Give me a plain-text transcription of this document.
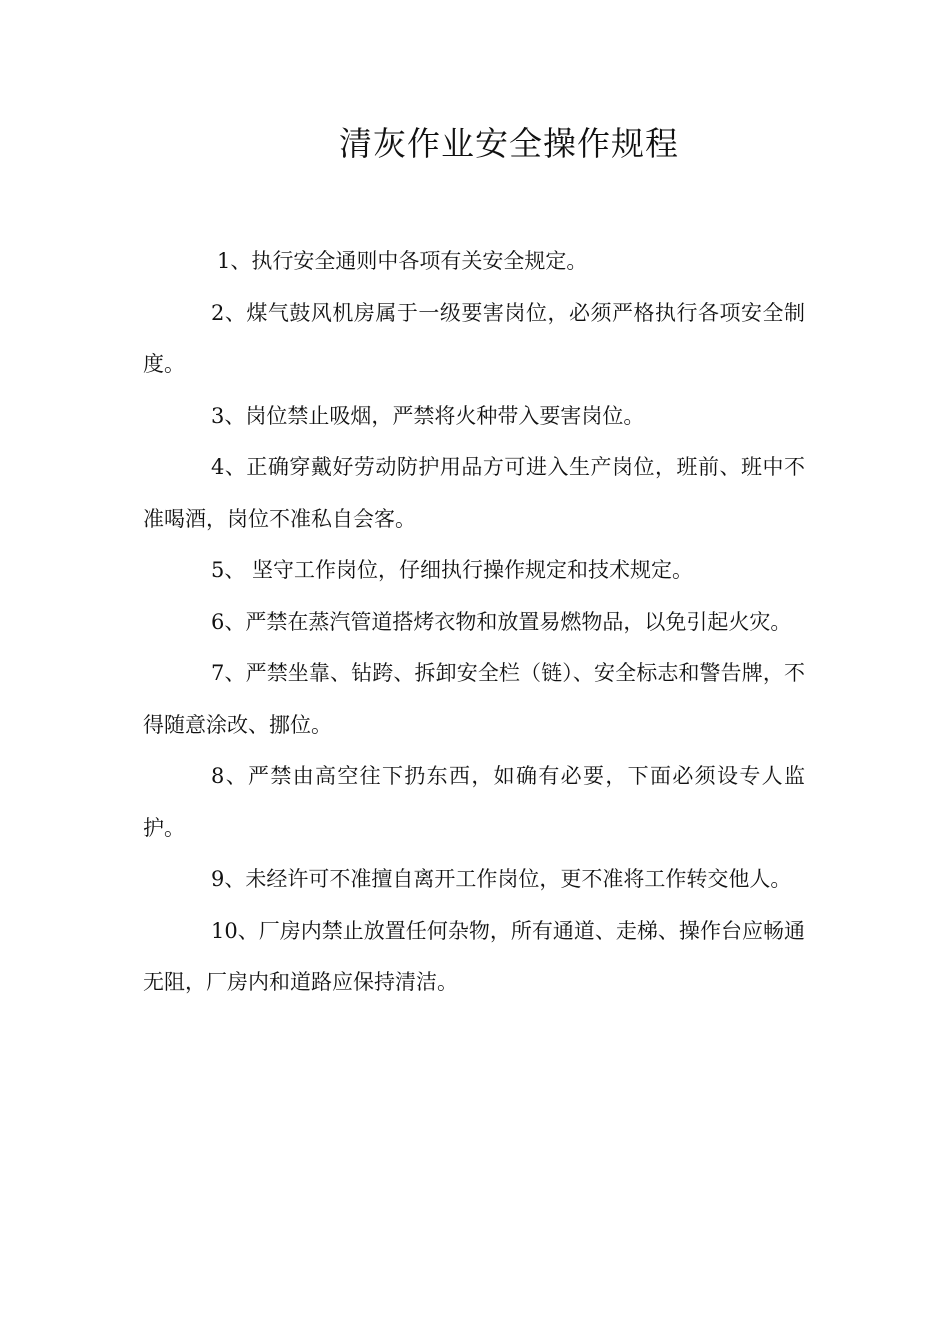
清灰作业安全操作规程

1、执行安全通则中各项有关安全规定。

2、煤气鼓风机房属于一级要害岗位，必须严格执行各项安全制度。

3、岗位禁止吸烟，严禁将火种带入要害岗位。

4、正确穿戴好劳动防护用品方可进入生产岗位，班前、班中不准喝酒，岗位不准私自会客。

5、 坚守工作岗位，仔细执行操作规定和技术规定。

6、严禁在蒸汽管道搭烤衣物和放置易燃物品，以免引起火灾。

7、严禁坐靠、钻跨、拆卸安全栏（链）、安全标志和警告牌，不得随意涂改、挪位。

8、严禁由高空往下扔东西，如确有必要，下面必须设专人监护。

9、未经许可不准擅自离开工作岗位，更不准将工作转交他人。

10、厂房内禁止放置任何杂物，所有通道、走梯、操作台应畅通无阻，厂房内和道路应保持清洁。
